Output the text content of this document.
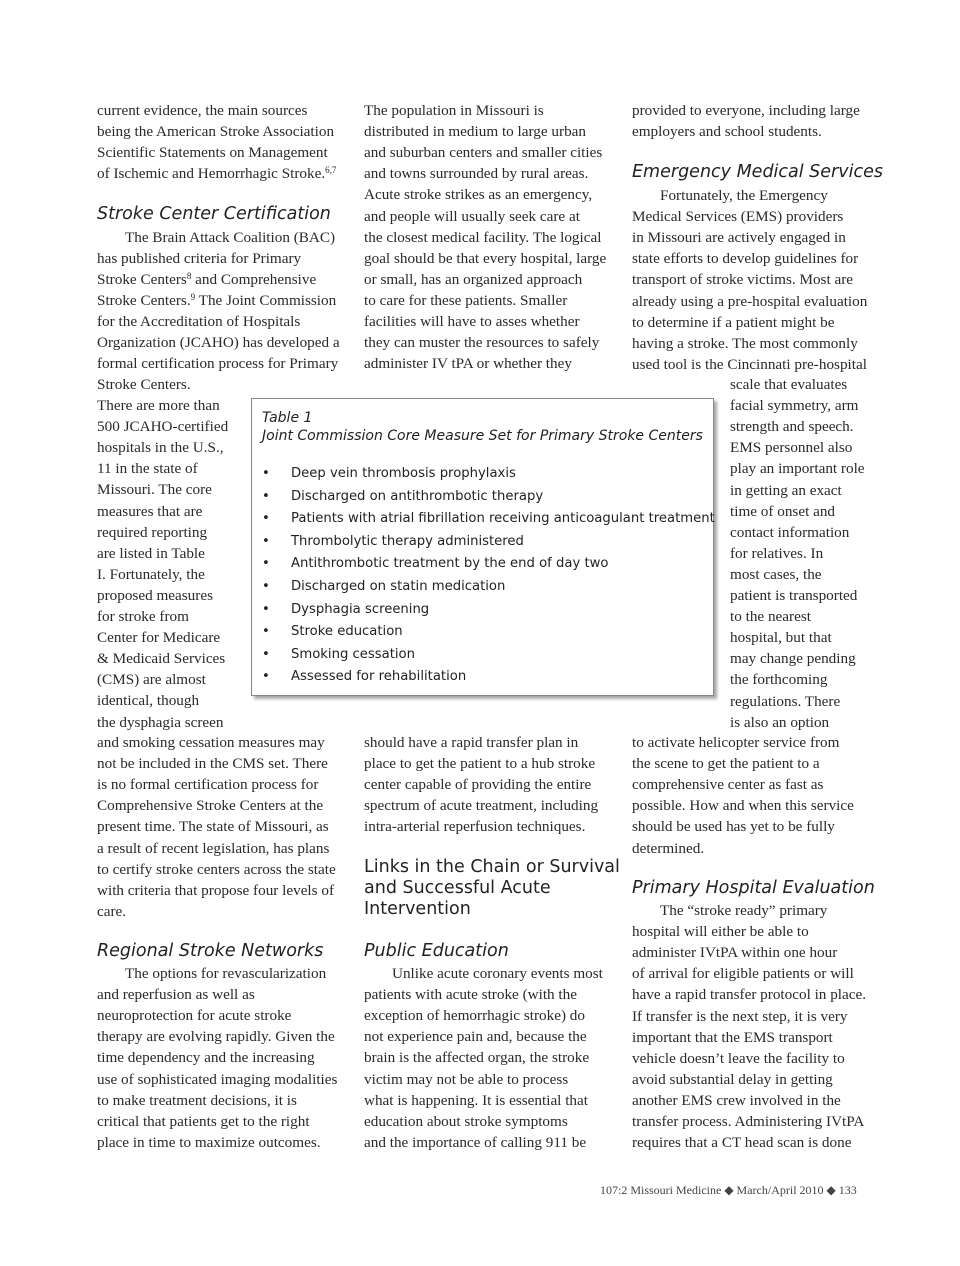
current evidence, the main sources
being the American Stroke Association
Scientific Statements on Management
of Ischemic and Hemorrhagic Stroke.$^{6,7}$
Stroke Center Certification
The Brain Attack Coalition (BAC)
has published criteria for Primary
Stroke Centers$^8$ and Comprehensive
Stroke Centers.$^9$ The Joint Commission
for the Accreditation of Hospitals
Organization (JCAHO) has developed a
formal certification process for Primary
Stroke Centers.
There are more than
500 JCAHO-certified
hospitals in the U.S.,
11 in the state of
Missouri. The core
measures that are
required reporting
are listed in Table
I. Fortunately, the
proposed measures
for stroke from
Center for Medicare
& Medicaid Services
(CMS) are almost
identical, though
the dysphagia screen
and smoking cessation measures may
not be included in the CMS set. There
is no formal certification process for
Comprehensive Stroke Centers at the
present time. The state of Missouri, as
a result of recent legislation, has plans
to certify stroke centers across the state
with criteria that propose four levels of
care.
Regional Stroke Networks
The options for revascularization
and reperfusion as well as
neuroprotection for acute stroke
therapy are evolving rapidly. Given the
time dependency and the increasing
use of sophisticated imaging modalities
to make treatment decisions, it is
critical that patients get to the right
place in time to maximize outcomes.
The population in Missouri is
distributed in medium to large urban
and suburban centers and smaller cities
and towns surrounded by rural areas.
Acute stroke strikes as an emergency,
and people will usually seek care at
the closest medical facility. The logical
goal should be that every hospital, large
or small, has an organized approach
to care for these patients. Smaller
facilities will have to asses whether
they can muster the resources to safely
administer IV tPA or whether they
should have a rapid transfer plan in
place to get the patient to a hub stroke
center capable of providing the entire
spectrum of acute treatment, including
intra-arterial reperfusion techniques.
Links in the Chain or Survival
and Successful Acute
Intervention
Public Education
Unlike acute coronary events most
patients with acute stroke (with the
exception of hemorrhagic stroke) do
not experience pain and, because the
brain is the affected organ, the stroke
victim may not be able to process
what is happening. It is essential that
education about stroke symptoms
and the importance of calling 911 be
provided to everyone, including large
employers and school students.
Emergency Medical Services
Fortunately, the Emergency
Medical Services (EMS) providers
in Missouri are actively engaged in
state efforts to develop guidelines for
transport of stroke victims. Most are
already using a pre-hospital evaluation
to determine if a patient might be
having a stroke. The most commonly
used tool is the Cincinnati pre-hospital
scale that evaluates
facial symmetry, arm
strength and speech.
EMS personnel also
play an important role
in getting an exact
time of onset and
contact information
for relatives. In
most cases, the
patient is transported
to the nearest
hospital, but that
may change pending
the forthcoming
regulations. There
is also an option
to activate helicopter service from
the scene to get the patient to a
comprehensive center as fast as
possible. How and when this service
should be used has yet to be fully
determined.
Primary Hospital Evaluation
The “stroke ready” primary
hospital will either be able to
administer IVtPA within one hour
of arrival for eligible patients or will
have a rapid transfer protocol in place.
If transfer is the next step, it is very
important that the EMS transport
vehicle doesn’t leave the facility to
avoid substantial delay in getting
another EMS crew involved in the
transfer process. Administering IVtPA
requires that a CT head scan is done
Table 1
Joint Commission Core Measure Set for Primary Stroke Centers
• Deep vein thrombosis prophylaxis
• Discharged on antithrombotic therapy
• Patients with atrial fibrillation receiving anticoagulant treatment
• Thrombolytic therapy administered
• Antithrombotic treatment by the end of day two
• Discharged on statin medication
• Dysphagia screening
• Stroke education
• Smoking cessation
• Assessed for rehabilitation
107:2 Missouri Medicine ◆ March/April 2010 ◆ 133
